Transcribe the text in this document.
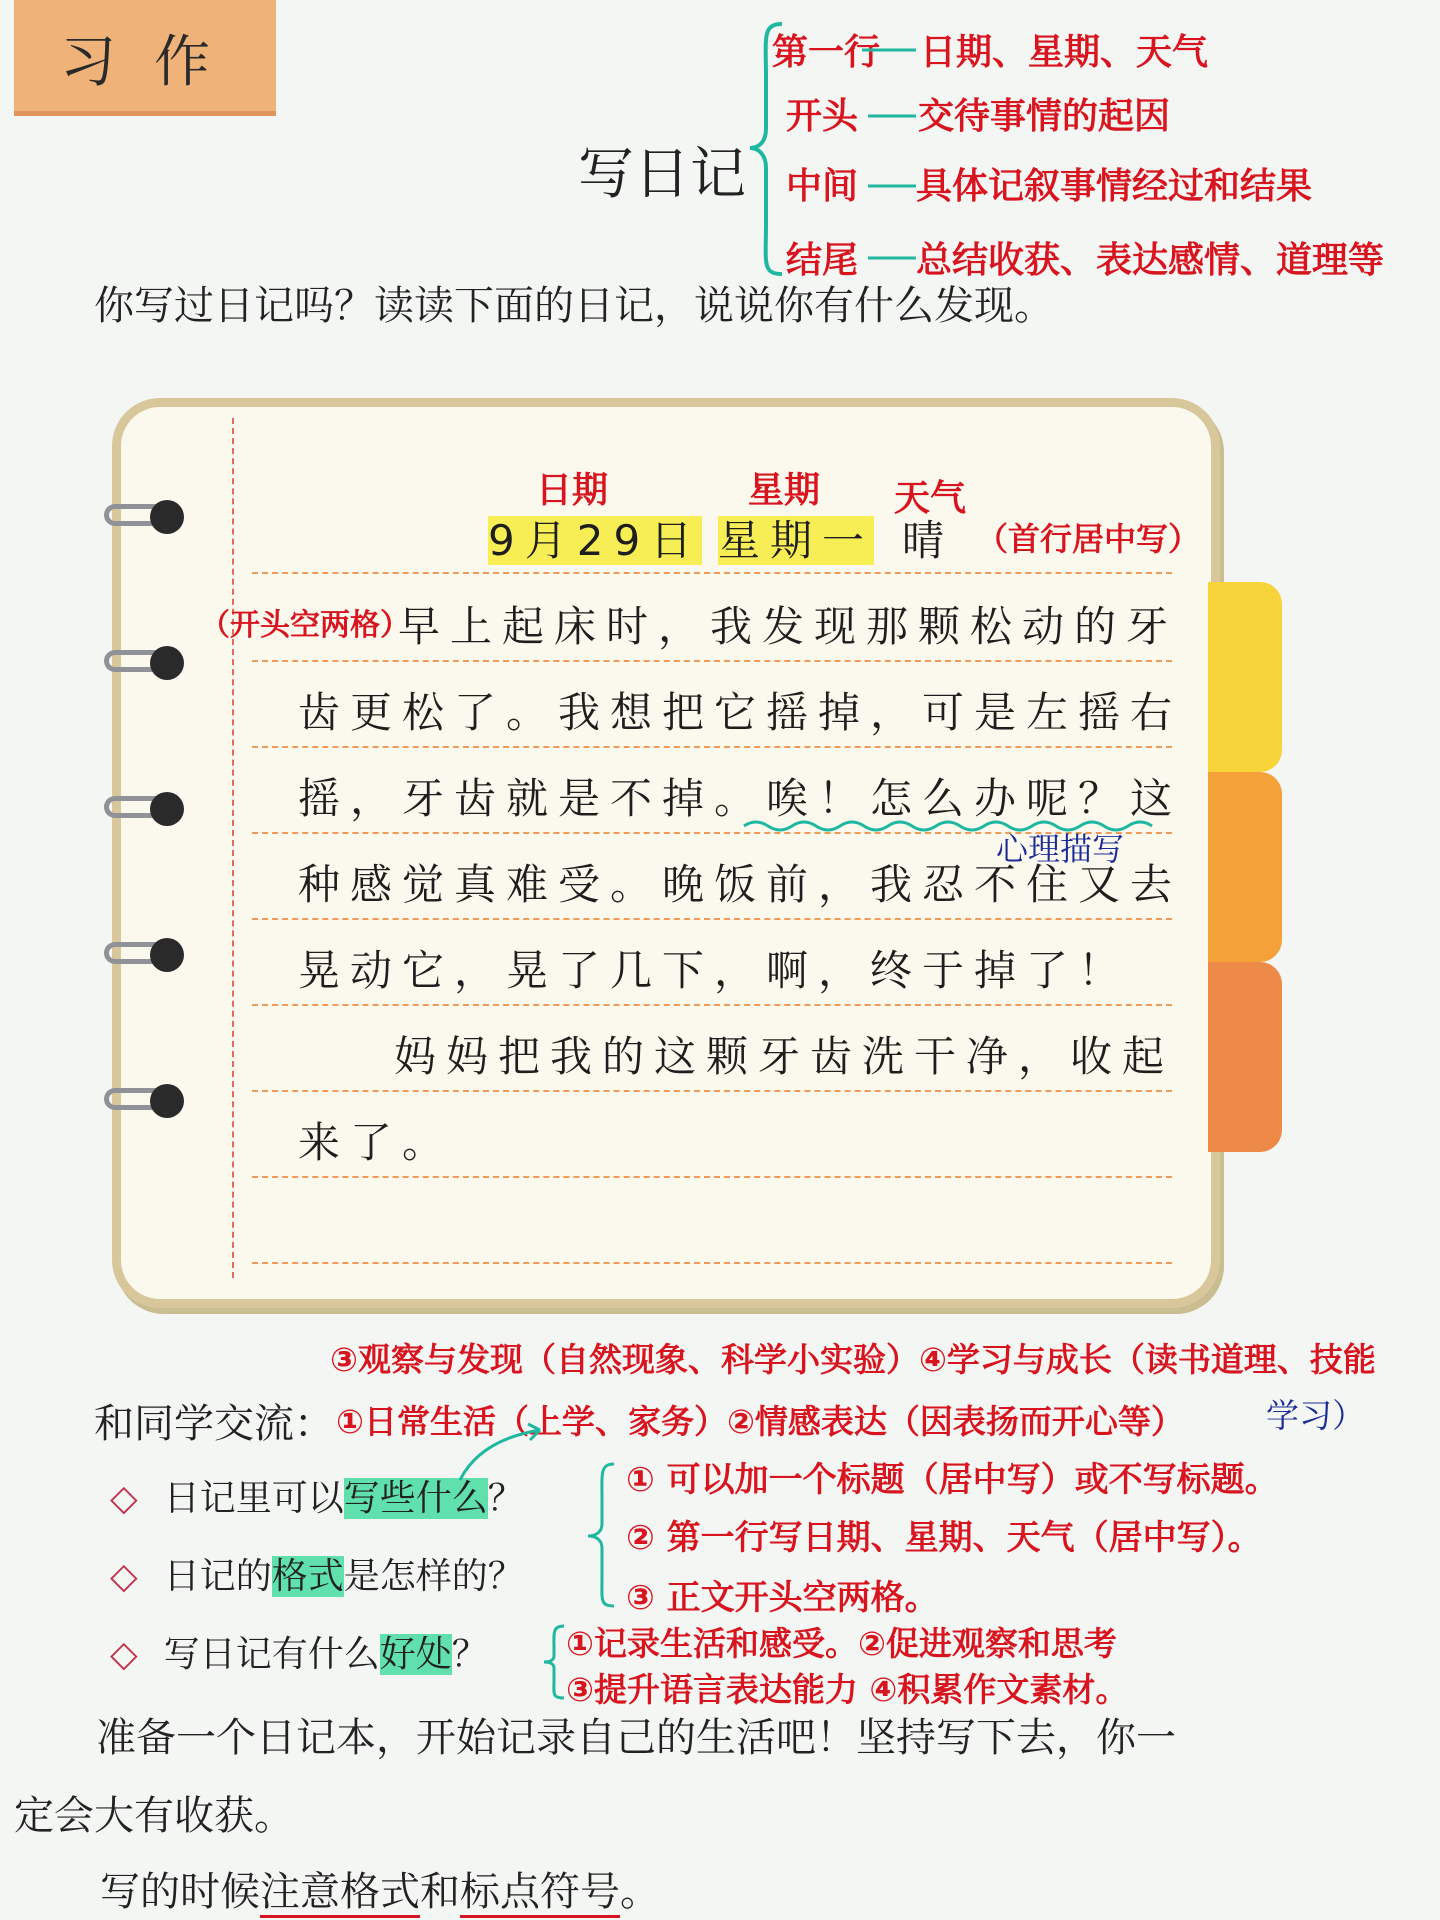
习作
写日记
第一行 日期、星期、天气
开头 交待事情的起因
中间 具体记叙事情经过和结果
结尾 总结收获、表达感情、道理等
你写过日记吗？读读下面的日记，说说你有什么发现。
日期	星期 天气
9月29日 星期一 晴 （首行居中写）
（开头空两格）
早上起床时，我发现那颗松动的牙
齿更松了。我想把它摇掉，可是左摇右
摇，牙齿就是不掉。唉！怎么办呢？这
心理描写
种感觉真难受。晚饭前，我忍不住又去
晃动它，晃了几下，啊，终于掉了！
妈妈把我的这颗牙齿洗干净，收起
来了。
③观察与发现（自然现象、科学小实验）④学习与成长（读书道理、技能
学习）
和同学交流： ①日常生活（上学、家务）②情感表达（因表扬而开心等）
◇ 日记里可以写些什么？
◇ 日记的格式是怎样的？
◇ 写日记有什么好处？
① 可以加一个标题（居中写）或不写标题。
② 第一行写日期、星期、天气（居中写）。
③ 正文开头空两格。
①记录生活和感受。②促进观察和思考
③提升语言表达能力 ④积累作文素材。
准备一个日记本，开始记录自己的生活吧！坚持写下去，你一
定会大有收获。
写的时候注意格式和标点符号。
